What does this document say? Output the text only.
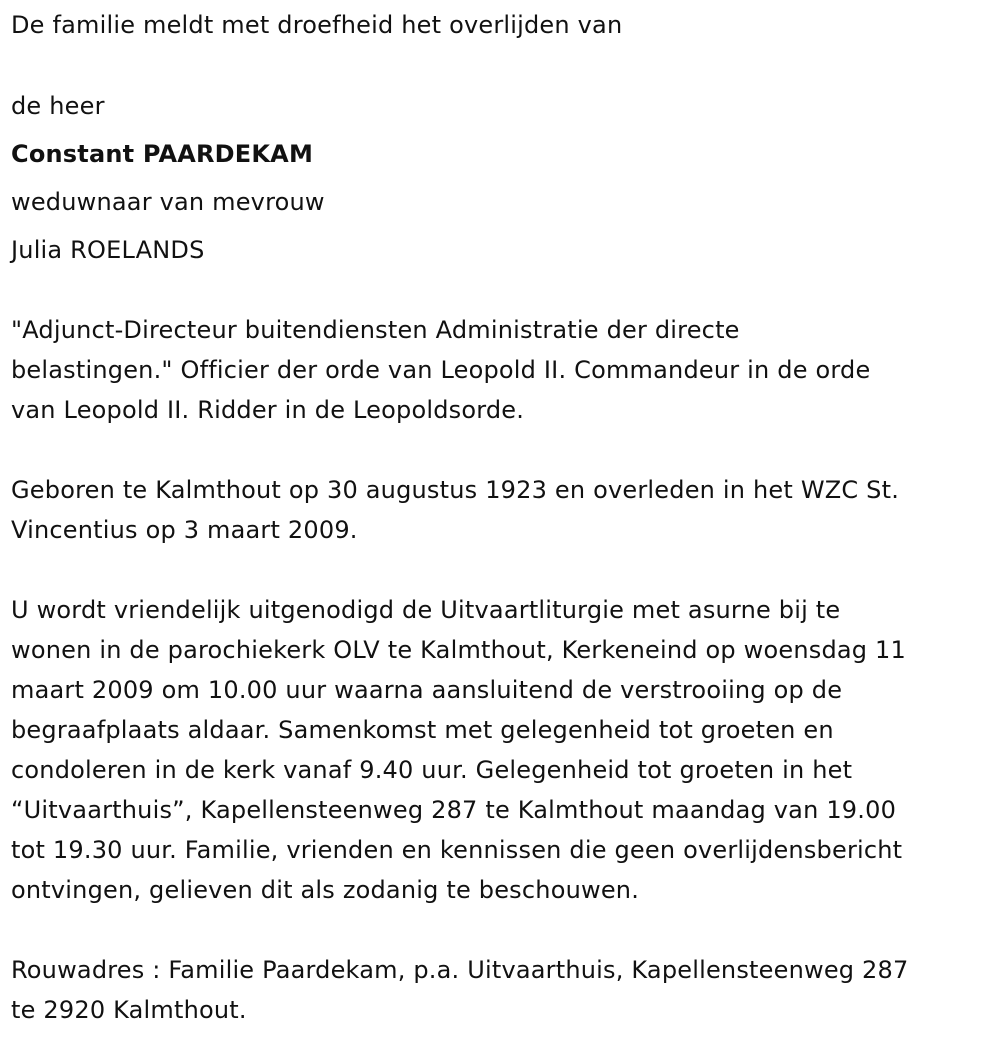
De familie meldt met droefheid het overlijden van
de heer
Constant PAARDEKAM
weduwnaar van mevrouw
Julia ROELANDS
"Adjunct-Directeur buitendiensten Administratie der directe
belastingen." Officier der orde van Leopold II. Commandeur in de orde
van Leopold II. Ridder in de Leopoldsorde.
Geboren te Kalmthout op 30 augustus 1923 en overleden in het WZC St.
Vincentius op 3 maart 2009.
U wordt vriendelijk uitgenodigd de Uitvaartliturgie met asurne bij te
wonen in de parochiekerk OLV te Kalmthout, Kerkeneind op woensdag 11
maart 2009 om 10.00 uur waarna aansluitend de verstrooiing op de
begraafplaats aldaar. Samenkomst met gelegenheid tot groeten en
condoleren in de kerk vanaf 9.40 uur. Gelegenheid tot groeten in het
“Uitvaarthuis”, Kapellensteenweg 287 te Kalmthout maandag van 19.00
tot 19.30 uur. Familie, vrienden en kennissen die geen overlijdensbericht
ontvingen, gelieven dit als zodanig te beschouwen.
Rouwadres : Familie Paardekam, p.a. Uitvaarthuis, Kapellensteenweg 287
te 2920 Kalmthout.
